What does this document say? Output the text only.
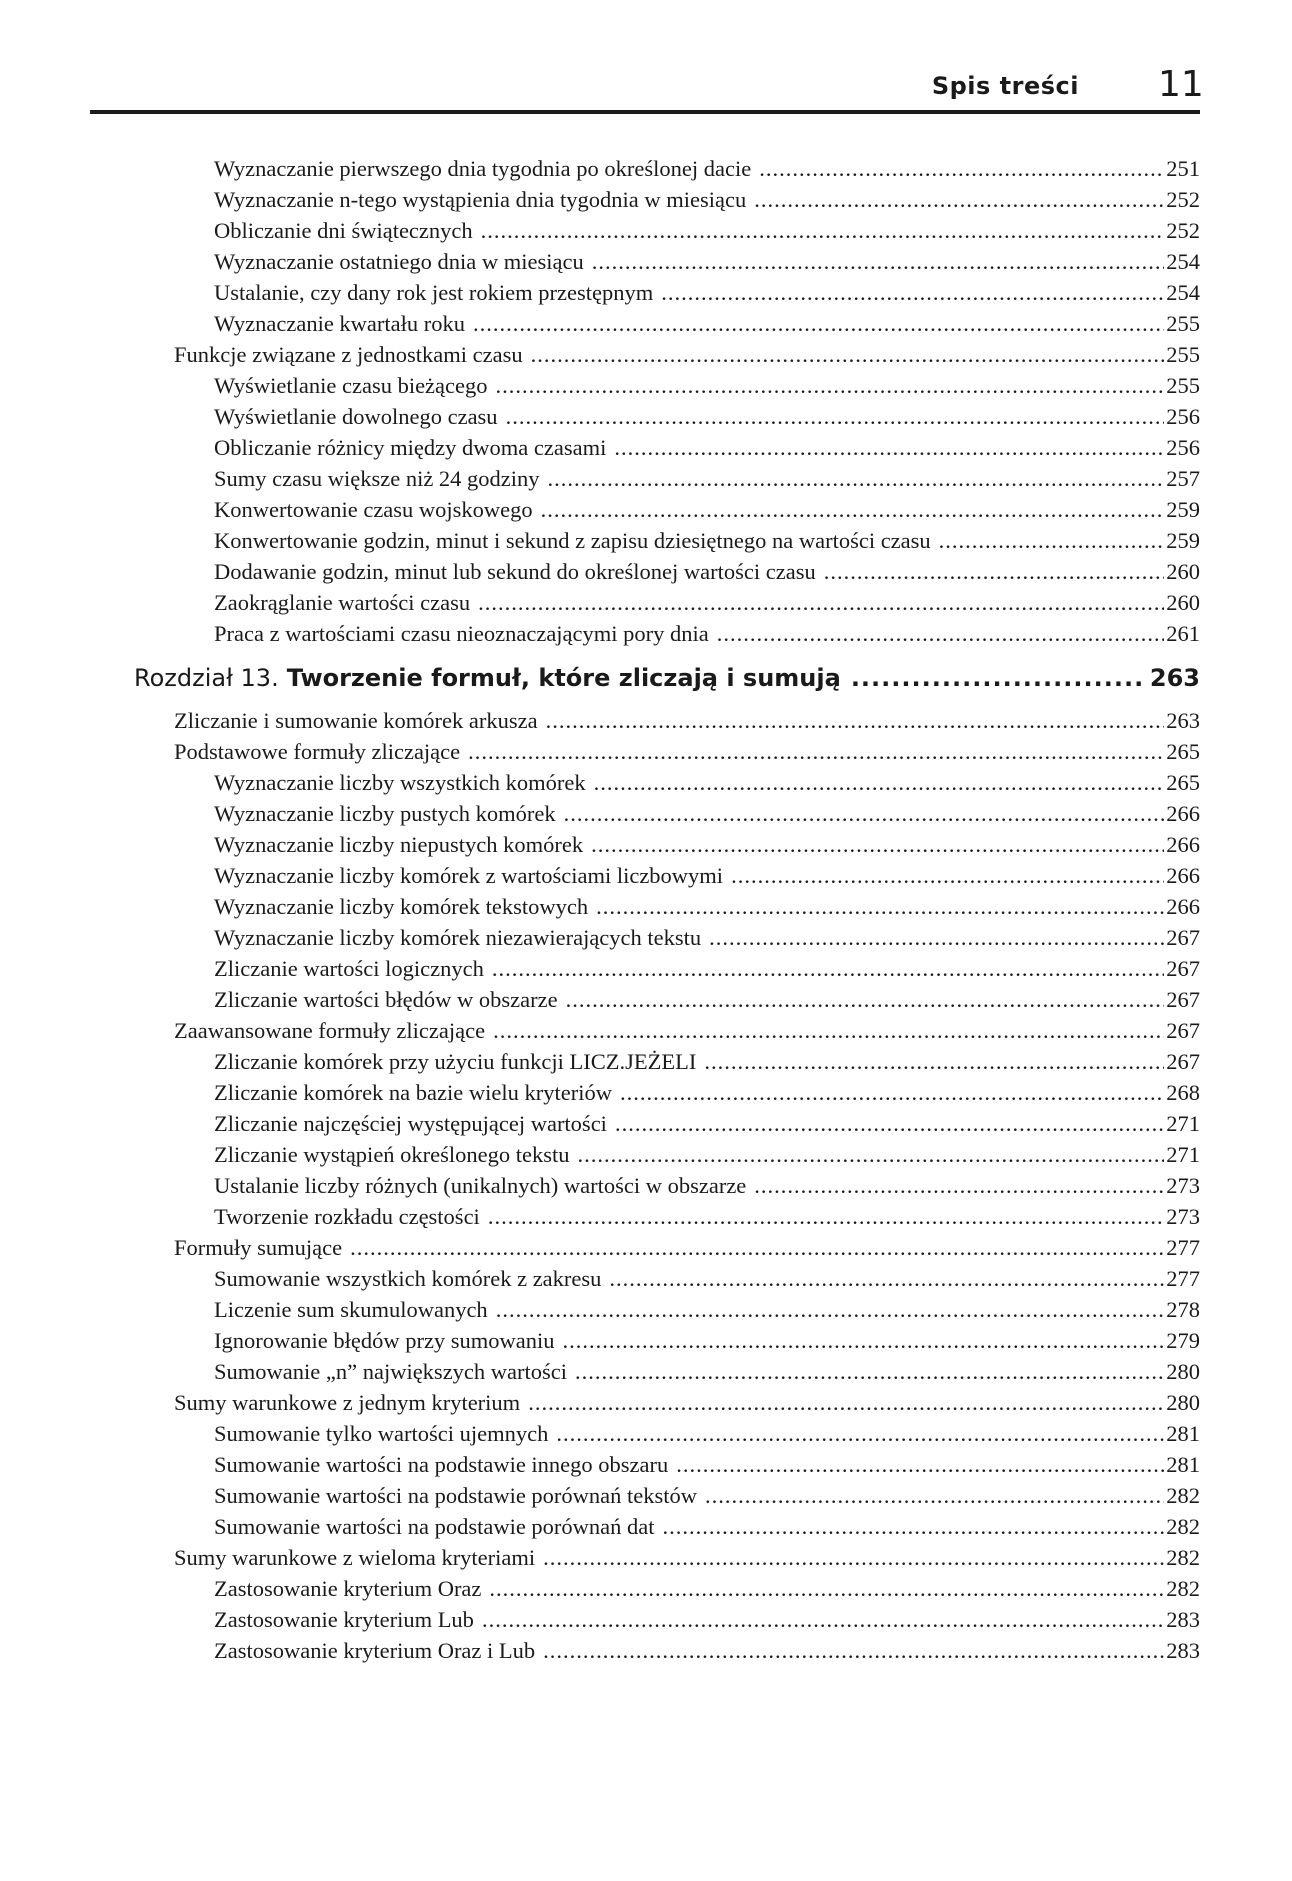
Spis treści 11
Wyznaczanie pierwszego dnia tygodnia po określonej dacie .....	251
Wyznaczanie n-tego wystąpienia dnia tygodnia w miesiącu .....	252
Obliczanie dni świątecznych .....	252
Wyznaczanie ostatniego dnia w miesiącu .....	254
Ustalanie, czy dany rok jest rokiem przestępnym .....	254
Wyznaczanie kwartału roku .....	255
Funkcje związane z jednostkami czasu .....	255
Wyświetlanie czasu bieżącego .....	255
Wyświetlanie dowolnego czasu .....	256
Obliczanie różnicy między dwoma czasami .....	256
Sumy czasu większe niż 24 godziny .....	257
Konwertowanie czasu wojskowego .....	259
Konwertowanie godzin, minut i sekund z zapisu dziesiętnego na wartości czasu .....	259
Dodawanie godzin, minut lub sekund do określonej wartości czasu .....	260
Zaokrąglanie wartości czasu .....	260
Praca z wartościami czasu nieoznaczającymi pory dnia .....	261
Rozdział 13. Tworzenie formuł, które zliczają i sumują .....	263
Zliczanie i sumowanie komórek arkusza .....	263
Podstawowe formuły zliczające .....	265
Wyznaczanie liczby wszystkich komórek .....	265
Wyznaczanie liczby pustych komórek .....	266
Wyznaczanie liczby niepustych komórek .....	266
Wyznaczanie liczby komórek z wartościami liczbowymi .....	266
Wyznaczanie liczby komórek tekstowych .....	266
Wyznaczanie liczby komórek niezawierających tekstu .....	267
Zliczanie wartości logicznych .....	267
Zliczanie wartości błędów w obszarze .....	267
Zaawansowane formuły zliczające .....	267
Zliczanie komórek przy użyciu funkcji LICZ.JEŻELI .....	267
Zliczanie komórek na bazie wielu kryteriów .....	268
Zliczanie najczęściej występującej wartości .....	271
Zliczanie wystąpień określonego tekstu .....	271
Ustalanie liczby różnych (unikalnych) wartości w obszarze .....	273
Tworzenie rozkładu częstości .....	273
Formuły sumujące .....	277
Sumowanie wszystkich komórek z zakresu .....	277
Liczenie sum skumulowanych .....	278
Ignorowanie błędów przy sumowaniu .....	279
Sumowanie „n” największych wartości .....	280
Sumy warunkowe z jednym kryterium .....	280
Sumowanie tylko wartości ujemnych .....	281
Sumowanie wartości na podstawie innego obszaru .....	281
Sumowanie wartości na podstawie porównań tekstów .....	282
Sumowanie wartości na podstawie porównań dat .....	282
Sumy warunkowe z wieloma kryteriami .....	282
Zastosowanie kryterium Oraz .....	282
Zastosowanie kryterium Lub .....	283
Zastosowanie kryterium Oraz i Lub .....	283
